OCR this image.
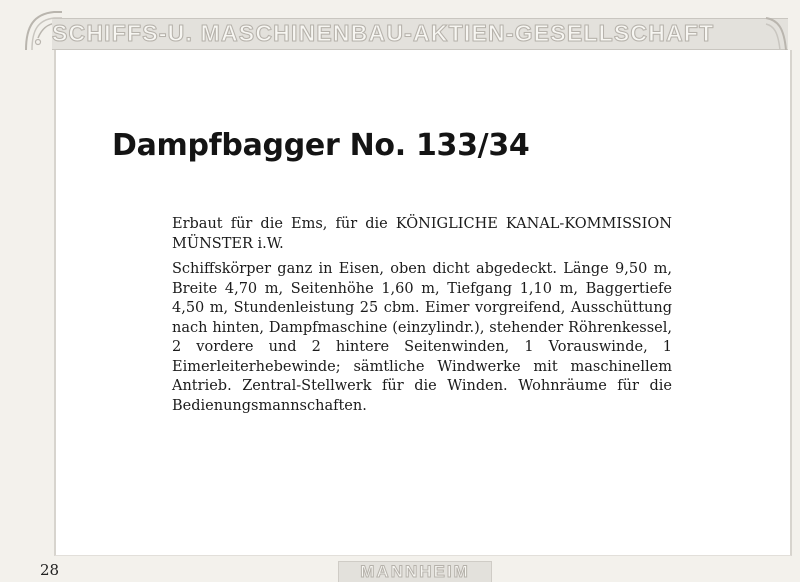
SCHIFFS-U. MASCHINENBAU-AKTIEN-GESELLSCHAFT
Dampfbagger No. 133/34

Erbaut für die Ems, für die KÖNIGLICHE KANAL-KOMMISSION MÜNSTER i.W.

Schiffskörper ganz in Eisen, oben dicht abgedeckt. Länge 9,50 m, Breite 4,70 m, Seitenhöhe 1,60 m, Tiefgang 1,10 m, Baggertiefe 4,50 m, Stundenleistung 25 cbm. Eimer vorgreifend, Ausschüttung nach hinten, Dampfmaschine (einzylindr.), stehender Röhrenkessel, 2 vordere und 2 hintere Seitenwinden, 1 Vorauswinde, 1 Eimerleiterhebewinde; sämtliche Windwerke mit maschinellem Antrieb. Zentral-Stellwerk für die Winden. Wohnräume für die Bedienungsmannschaften.

28	MANNHEIM
